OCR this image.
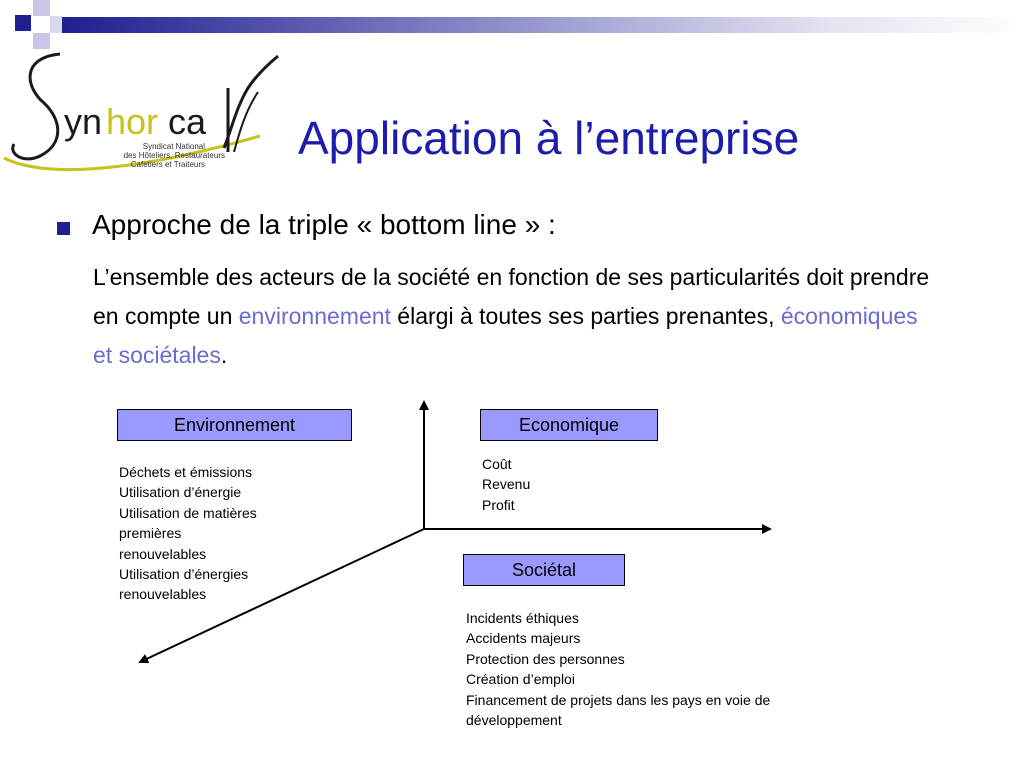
yn hor ca
Syndicat National
des Hôteliers, Restaurateurs
Cafetiers et Traiteurs
Application à l’entreprise
Approche de la triple « bottom line » :
L’ensemble des acteurs de la société en fonction de ses particularités doit prendre en compte un environnement élargi à toutes ses parties prenantes, économiques et sociétales.
Environnement
Déchets et émissions
Utilisation d’énergie
Utilisation de matières premières
renouvelables
Utilisation d’énergies renouvelables
Economique
Coût
Revenu
Profit
Sociétal
Incidents éthiques
Accidents majeurs
Protection des personnes
Création d’emploi
Financement de projets dans les pays en voie de développement
